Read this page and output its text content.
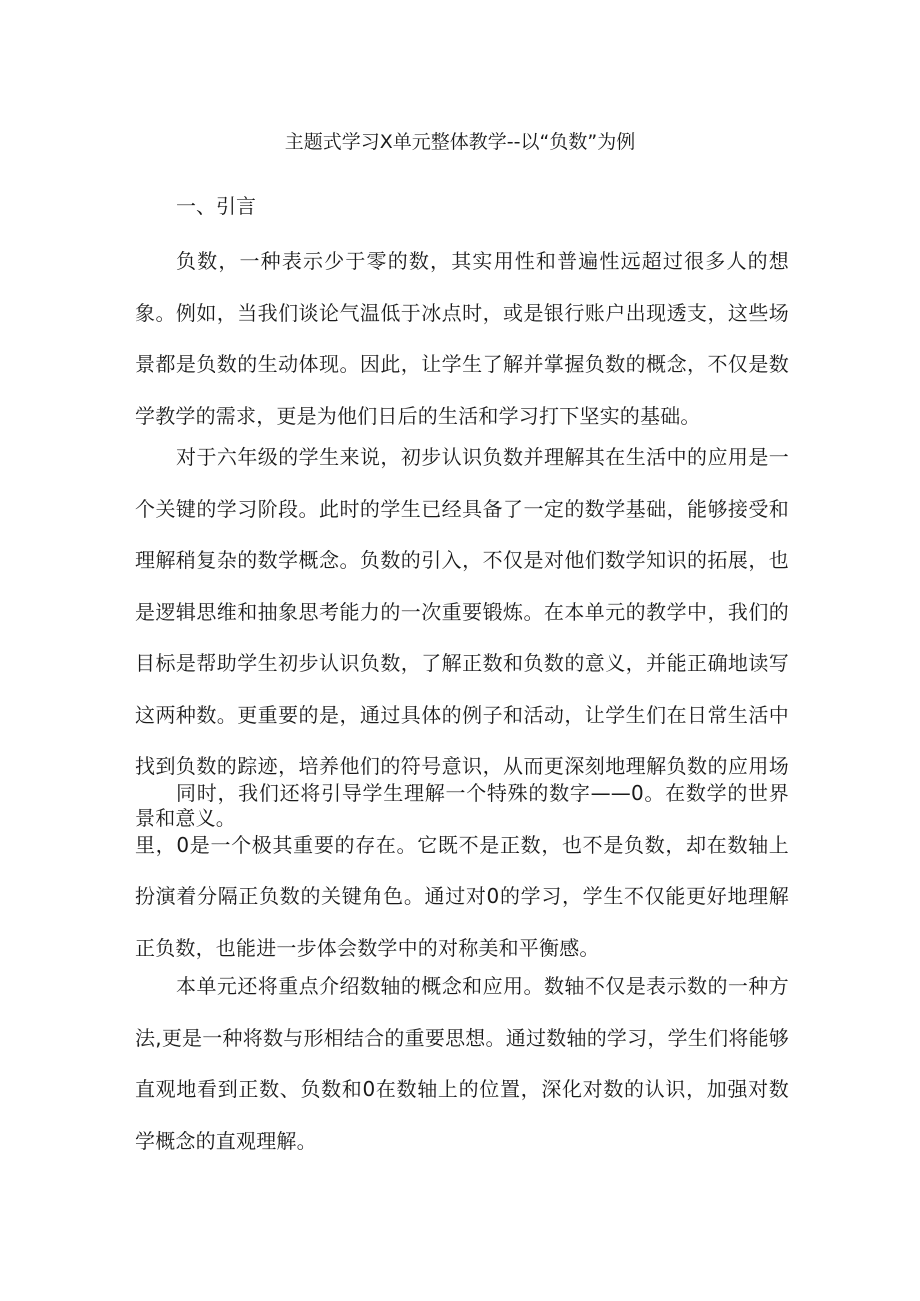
主题式学习X单元整体教学--以“负数”为例
一、引言

负数，一种表示少于零的数，其实用性和普遍性远超过很多人的想象。例如，当我们谈论气温低于冰点时，或是银行账户出现透支，这些场景都是负数的生动体现。因此，让学生了解并掌握负数的概念，不仅是数学教学的需求，更是为他们日后的生活和学习打下坚实的基础。

对于六年级的学生来说，初步认识负数并理解其在生活中的应用是一个关键的学习阶段。此时的学生已经具备了一定的数学基础，能够接受和理解稍复杂的数学概念。负数的引入，不仅是对他们数学知识的拓展，也是逻辑思维和抽象思考能力的一次重要锻炼。在本单元的教学中，我们的目标是帮助学生初步认识负数，了解正数和负数的意义，并能正确地读写这两种数。更重要的是，通过具体的例子和活动，让学生们在日常生活中找到负数的踪迹，培养他们的符号意识，从而更深刻地理解负数的应用场景和意义。

同时，我们还将引导学生理解一个特殊的数字——0。在数学的世界里，0是一个极其重要的存在。它既不是正数，也不是负数，却在数轴上扮演着分隔正负数的关键角色。通过对0的学习，学生不仅能更好地理解正负数，也能进一步体会数学中的对称美和平衡感。

本单元还将重点介绍数轴的概念和应用。数轴不仅是表示数的一种方法,更是一种将数与形相结合的重要思想。通过数轴的学习，学生们将能够直观地看到正数、负数和0在数轴上的位置，深化对数的认识，加强对数学概念的直观理解。
